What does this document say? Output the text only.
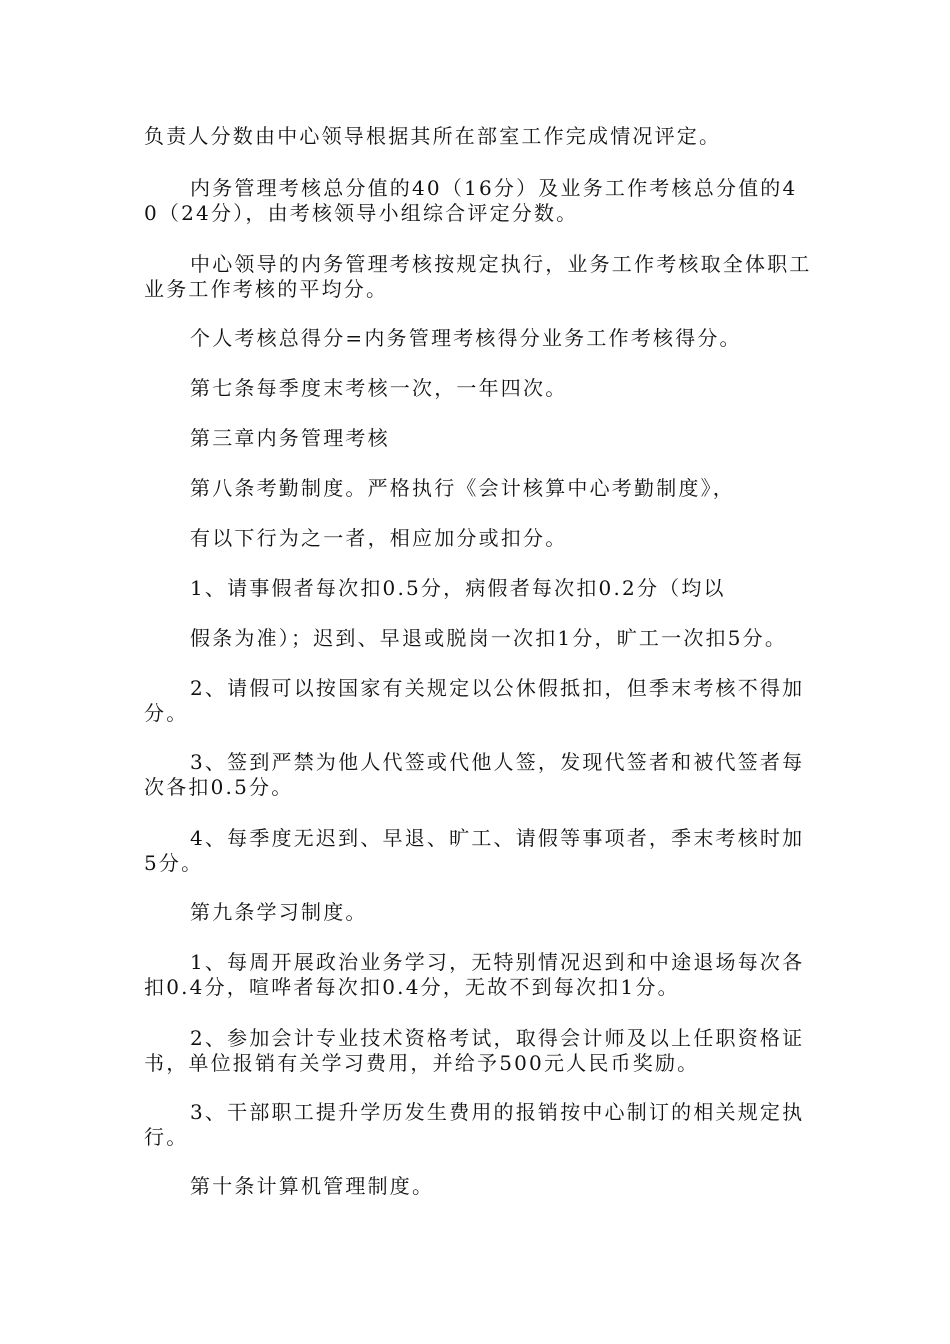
负责人分数由中心领导根据其所在部室工作完成情况评定。

内务管理考核总分值的40（16分）及业务工作考核总分值的40（24分），由考核领导小组综合评定分数。

中心领导的内务管理考核按规定执行，业务工作考核取全体职工业务工作考核的平均分。

个人考核总得分=内务管理考核得分业务工作考核得分。

第七条每季度末考核一次，一年四次。

第三章内务管理考核

第八条考勤制度。严格执行《会计核算中心考勤制度》，

有以下行为之一者，相应加分或扣分。

1、请事假者每次扣0.5分，病假者每次扣0.2分（均以

假条为准）；迟到、早退或脱岗一次扣1分，旷工一次扣5分。

2、请假可以按国家有关规定以公休假抵扣，但季末考核不得加分。

3、签到严禁为他人代签或代他人签，发现代签者和被代签者每次各扣0.5分。

4、每季度无迟到、早退、旷工、请假等事项者，季末考核时加5分。

第九条学习制度。

1、每周开展政治业务学习，无特别情况迟到和中途退场每次各扣0.4分，喧哗者每次扣0.4分，无故不到每次扣1分。

2、参加会计专业技术资格考试，取得会计师及以上任职资格证书，单位报销有关学习费用，并给予500元人民币奖励。

3、干部职工提升学历发生费用的报销按中心制订的相关规定执行。

第十条计算机管理制度。
